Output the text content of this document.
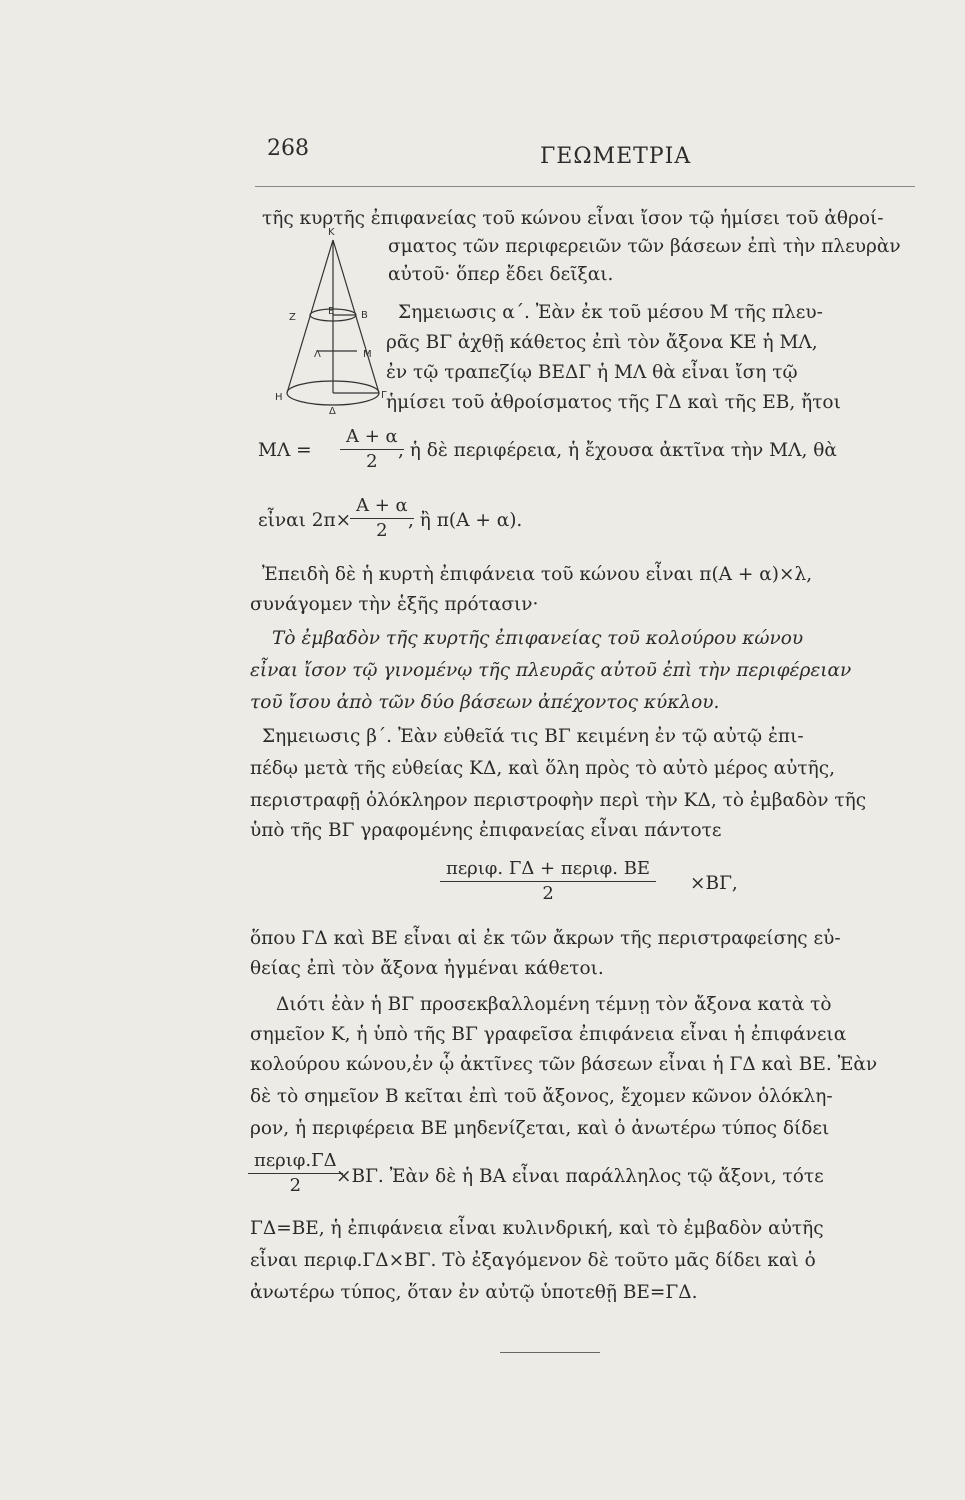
268	ΓΕΩΜΕΤΡΙΑ
Κ
Ζ
Ε	Β
Λ	Μ
Η
Δ
Γ
τῆς κυρτῆς ἐπιφανείας τοῦ κώνου εἶναι ἴσον τῷ ἡμίσει τοῦ ἀθροί-
σματος τῶν περιφερειῶν τῶν βάσεων ἐπὶ τὴν πλευρὰν
αὐτοῦ· ὅπερ ἔδει δεῖξαι.
Σημειωσις α΄. Ἐὰν ἐκ τοῦ μέσου Μ τῆς πλευ-
ρᾶς ΒΓ ἀχθῇ κάθετος ἐπὶ τὸν ἄξονα ΚΕ ἡ ΜΛ,
ἐν τῷ τραπεζίῳ ΒΕΔΓ ἡ ΜΛ θὰ εἶναι ἴση τῷ
ἡμίσει τοῦ ἀθροίσματος τῆς ΓΔ καὶ τῆς ΕΒ, ἤτοι
$M\Lambda = \frac{A + \alpha}{2}$
, ἡ δὲ περιφέρεια, ἡ ἔχουσα ἀκτῖνα τὴν ΜΛ, θὰ
εἶναι 2π×
$\frac{A + \alpha}{2}$
, ἢ π(Α + α).
Ἐπειδὴ δὲ ἡ κυρτὴ ἐπιφάνεια τοῦ κώνου εἶναι π(Α + α)×λ,
συνάγομεν τὴν ἑξῆς πρότασιν·
Τὸ ἐμβαδὸν τῆς κυρτῆς ἐπιφανείας τοῦ κολούρου κώνου
εἶναι ἴσον τῷ γινομένῳ τῆς πλευρᾶς αὐτοῦ ἐπὶ τὴν περιφέρειαν
τοῦ ἴσου ἀπὸ τῶν δύο βάσεων ἀπέχοντος κύκλου.
Σημειωσις β΄. Ἐὰν εὐθεῖά τις ΒΓ κειμένη ἐν τῷ αὐτῷ ἐπι-
πέδῳ μετὰ τῆς εὐθείας ΚΔ, καὶ ὅλη πρὸς τὸ αὐτὸ μέρος αὐτῆς,
περιστραφῇ ὁλόκληρον περιστροφὴν περὶ τὴν ΚΔ, τὸ ἐμβαδὸν τῆς
ὑπὸ τῆς ΒΓ γραφομένης ἐπιφανείας εἶναι πάντοτε
περιφ. ΓΔ + περιφ. ΒΕ
2	×ΒΓ,
ὅπου ΓΔ καὶ ΒΕ εἶναι αἱ ἐκ τῶν ἄκρων τῆς περιστραφείσης εὐ-
θείας ἐπὶ τὸν ἄξονα ἠγμέναι κάθετοι.
Διότι ἐὰν ἡ ΒΓ προσεκβαλλομένη τέμνῃ τὸν ἄξονα κατὰ τὸ
σημεῖον Κ, ἡ ὑπὸ τῆς ΒΓ γραφεῖσα ἐπιφάνεια εἶναι ἡ ἐπιφάνεια
κολούρου κώνου,ἐν ᾧ ἀκτῖνες τῶν βάσεων εἶναι ἡ ΓΔ καὶ ΒΕ. Ἐὰν
δὲ τὸ σημεῖον Β κεῖται ἐπὶ τοῦ ἄξονος, ἔχομεν κῶνον ὁλόκλη-
ρον, ἡ περιφέρεια ΒΕ μηδενίζεται, καὶ ὁ ἀνωτέρω τύπος δίδει
περιφ.ΓΔ
2	×ΒΓ. Ἐὰν δὲ ἡ ΒΑ εἶναι παράλληλος τῷ ἄξονι, τότε
ΓΔ=ΒΕ, ἡ ἐπιφάνεια εἶναι κυλινδρική, καὶ τὸ ἐμβαδὸν αὐτῆς
εἶναι περιφ.ΓΔ×ΒΓ. Τὸ ἐξαγόμενον δὲ τοῦτο μᾶς δίδει καὶ ὁ
ἀνωτέρω τύπος, ὅταν ἐν αὐτῷ ὑποτεθῇ ΒΕ=ΓΔ.
